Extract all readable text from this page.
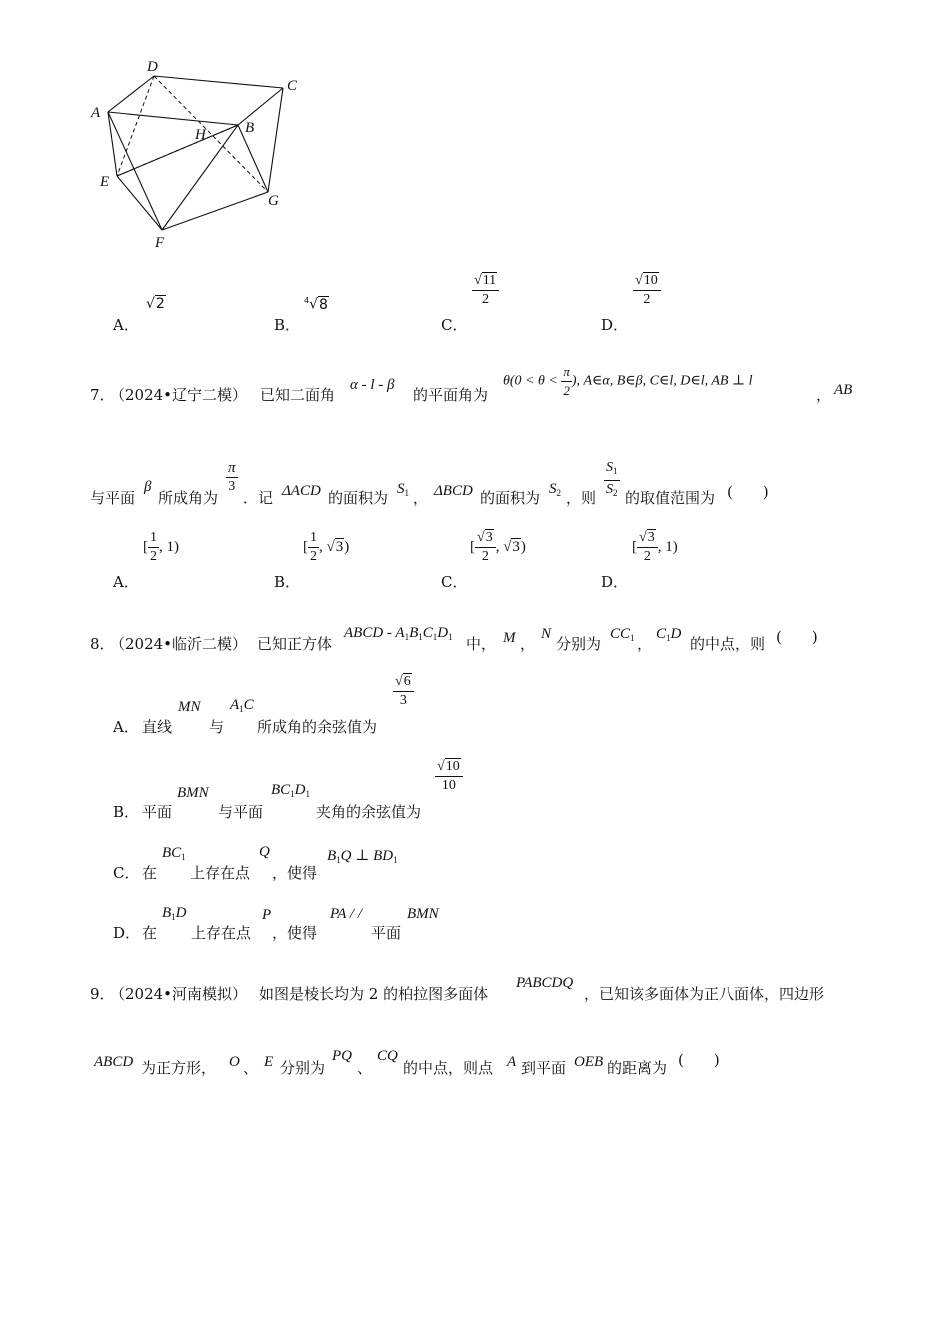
D
C
A
H	B
E
G
F
A．
√2
B．
$^4$√8
C．
$\frac{√11}{2}$
D．
$\frac{√10}{2}$
7．
（2024•辽宁二模） 已知二面角
α - l - β
的平面角为
$\theta(0 < \theta < \frac{\pi}{2}$ ), A∈α, B∈β, C∈l, D∈l, AB ⊥ l
， AB
与平面
β
所成角为
$\frac{\pi}{3}$
．记 ΔACD 的面积为 $S_1$ ， ΔBCD 的面积为 $S_2$ ，则 $\frac{S_1}{S_2}$ 的取值范围为 (　　)
A．
[ $\frac{1}{2}$ , 1)
B．
[ $\frac{1}{2}$ , √3)
C．
[ $\frac{√3}{2}$ , √3)
D．
[ $\frac{√3}{2}$ , 1)
8．
（2024•临沂二模） 已知正方体
ABCD - $A_1B_1C_1D_1$ 中， M ，
N
分别为
$CC_1$ ，
$C_1D$
的中点，则 (　　)
A． 直线
MN
与
$A_1C$
所成角的余弦值为
$\frac{√6}{3}$
B． 平面
BMN
与平面
$BC_1D_1$
夹角的余弦值为
$\frac{√10}{10}$
C． 在
$BC_1$
上存在点
Q
，使得
$B_1Q$ ⊥ $BD_1$
D． 在
$B_1D$
上存在点
P
，使得
PA / /
平面
BMN
9．
（2024•河南模拟） 如图是棱长均为 2 的柏拉图多面体
PABCDQ
，已知该多面体为正八面体，四边形
ABCD 为正方形， O 、 E 分别为
PQ
、
CQ
的中点，则点 A 到平面 OEB 的距离为 (　　)
